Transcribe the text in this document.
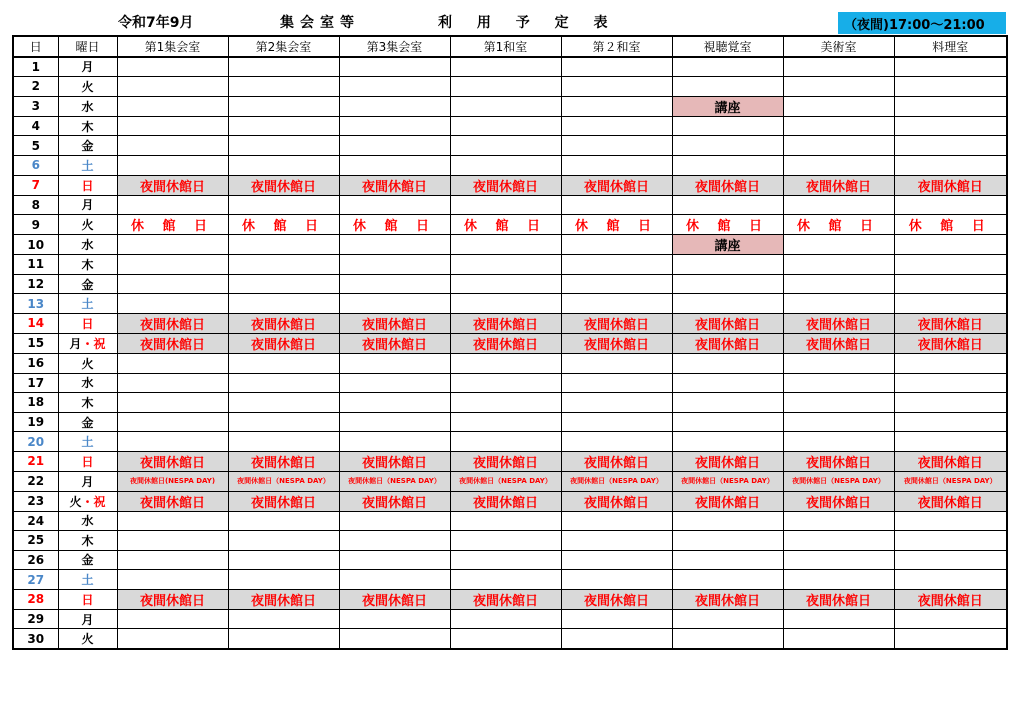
令和7年9月	集会室等	利 用 予 定 表	（夜間)17:00～21:00
日	曜日	第1集会室	第2集会室	第3集会室	第1和室	第２和室	視聴覚室	美術室	料理室
1	月								
2	火								
3	水						講座		
4	木								
5	金								
6	土								
7	日	夜間休館日	夜間休館日	夜間休館日	夜間休館日	夜間休館日	夜間休館日	夜間休館日	夜間休館日
8	月								
9	火	休 館 日	休 館 日	休 館 日	休 館 日	休 館 日	休 館 日	休 館 日	休 館 日
10	水						講座		
11	木								
12	金								
13	土								
14	日	夜間休館日	夜間休館日	夜間休館日	夜間休館日	夜間休館日	夜間休館日	夜間休館日	夜間休館日
15	月・祝	夜間休館日	夜間休館日	夜間休館日	夜間休館日	夜間休館日	夜間休館日	夜間休館日	夜間休館日
16	火								
17	水								
18	木								
19	金								
20	土								
21	日	夜間休館日	夜間休館日	夜間休館日	夜間休館日	夜間休館日	夜間休館日	夜間休館日	夜間休館日
22	月	夜間休館日(NESPA DAY)	夜間休館日（NESPA DAY）	夜間休館日（NESPA DAY）	夜間休館日（NESPA DAY）	夜間休館日（NESPA DAY）	夜間休館日（NESPA DAY）	夜間休館日（NESPA DAY）	夜間休館日（NESPA DAY）
23	火・祝	夜間休館日	夜間休館日	夜間休館日	夜間休館日	夜間休館日	夜間休館日	夜間休館日	夜間休館日
24	水								
25	木								
26	金								
27	土								
28	日	夜間休館日	夜間休館日	夜間休館日	夜間休館日	夜間休館日	夜間休館日	夜間休館日	夜間休館日
29	月								
30	火								
